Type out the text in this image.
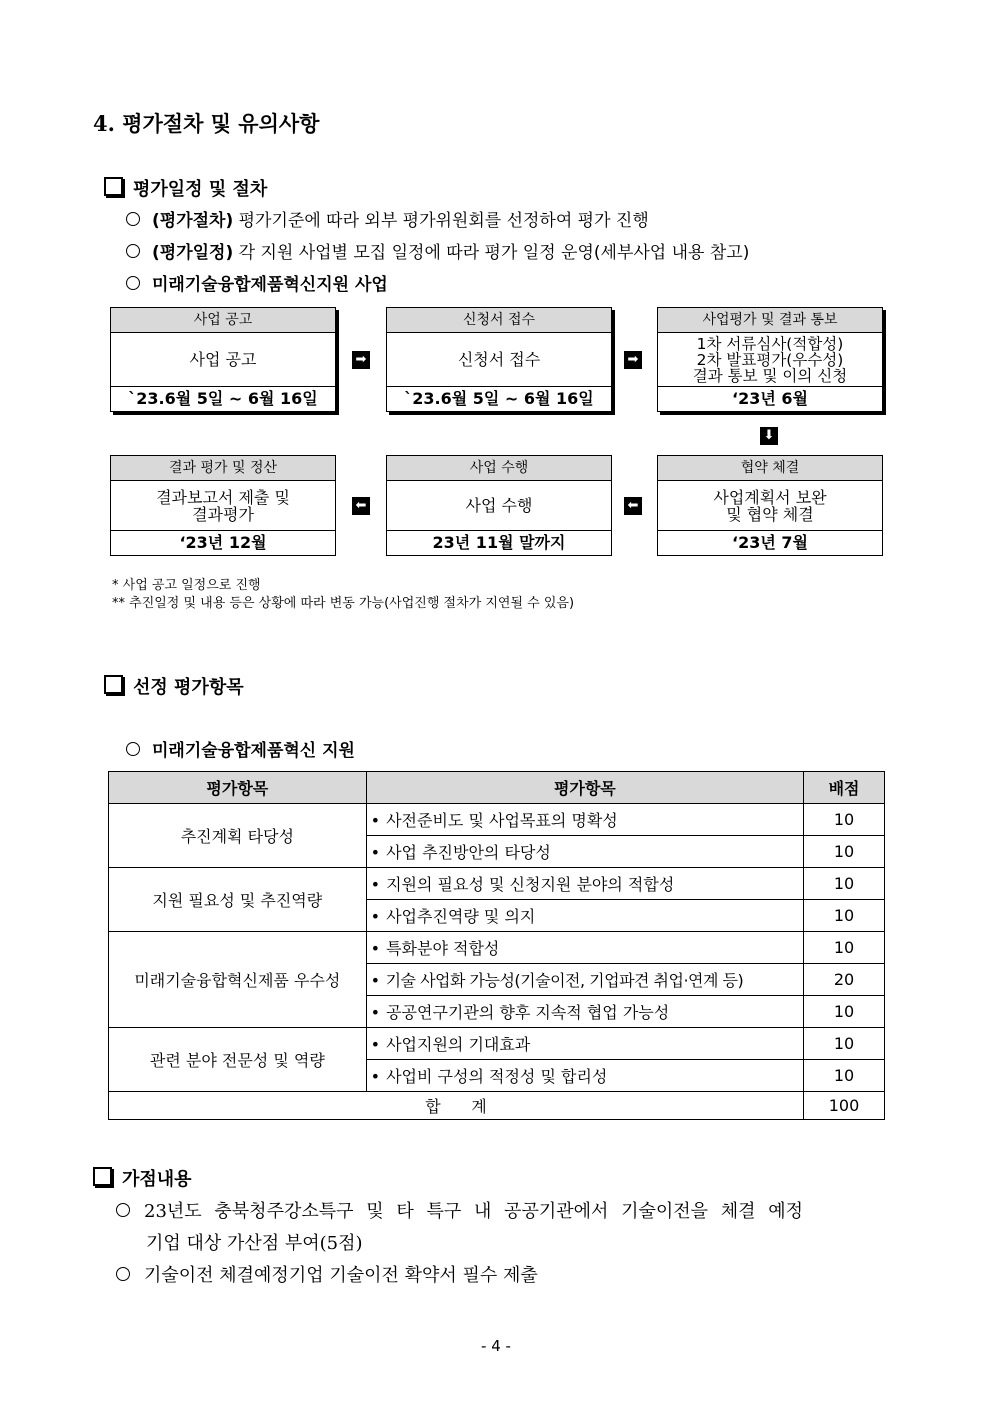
4. 평가절차 및 유의사항
평가일정 및 절차
(평가절차) 평가기준에 따라 외부 평가위원회를 선정하여 평가 진행
(평가일정) 각 지원 사업별 모집 일정에 따라 평가 일정 운영(세부사업 내용 참고)
미래기술융합제품혁신지원 사업
사업 공고
사업 공고
`23.6월 5일 ~ 6월 16일
➡
신청서 접수
신청서 접수
`23.6월 5일 ~ 6월 16일
➡
사업평가 및 결과 통보
1차 서류심사(적합성)
2차 발표평가(우수성)
결과 통보 및 이의 신청
‘23년 6월
⬇
결과 평가 및 정산
결과보고서 제출 및
결과평가
‘23년 12월
⬅
사업 수행
사업 수행
23년 11월 말까지
⬅
협약 체결
사업계획서 보완
및 협약 체결
‘23년 7월
* 사업 공고 일정으로 진행
** 추진일정 및 내용 등은 상황에 따라 변동 가능(사업진행 절차가 지연될 수 있음)
선정 평가항목
미래기술융합제품혁신 지원
평가항목	평가항목	배점
추진계획 타당성	• 사전준비도 및 사업목표의 명확성	10
	• 사업 추진방안의 타당성	10
지원 필요성 및 추진역량	• 지원의 필요성 및 신청지원 분야의 적합성	10
	• 사업추진역량 및 의지	10
미래기술융합혁신제품 우수성	• 특화분야 적합성	10
	• 기술 사업화 가능성(기술이전, 기업파견 취업·연계 등)	20
	• 공공연구기관의 향후 지속적 협업 가능성	10
관련 분야 전문성 및 역량	• 사업지원의 기대효과	10
	• 사업비 구성의 적정성 및 합리성	10
합      계		100
가점내용
23년도 충북청주강소특구 및 타 특구 내 공공기관에서 기술이전을 체결 예정
기업 대상 가산점 부여(5점)
기술이전 체결예정기업 기술이전 확약서 필수 제출
- 4 -
